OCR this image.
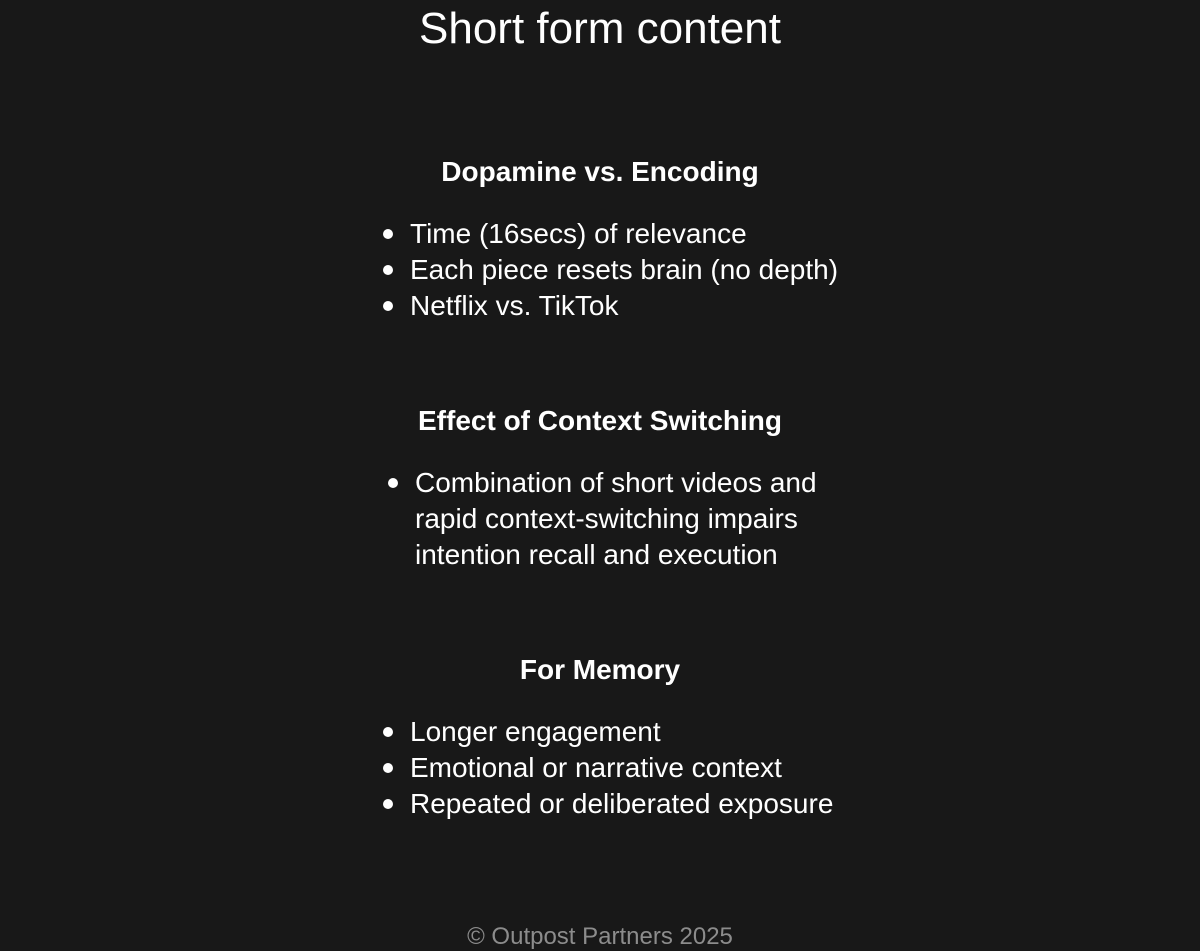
Short form content
Dopamine vs. Encoding
Time (16secs) of relevance
Each piece resets brain (no depth)
Netflix vs. TikTok
Effect of Context Switching
Combination of short videos and rapid context-switching impairs intention recall and execution
For Memory
Longer engagement
Emotional or narrative context
Repeated or deliberated exposure
© Outpost Partners 2025
